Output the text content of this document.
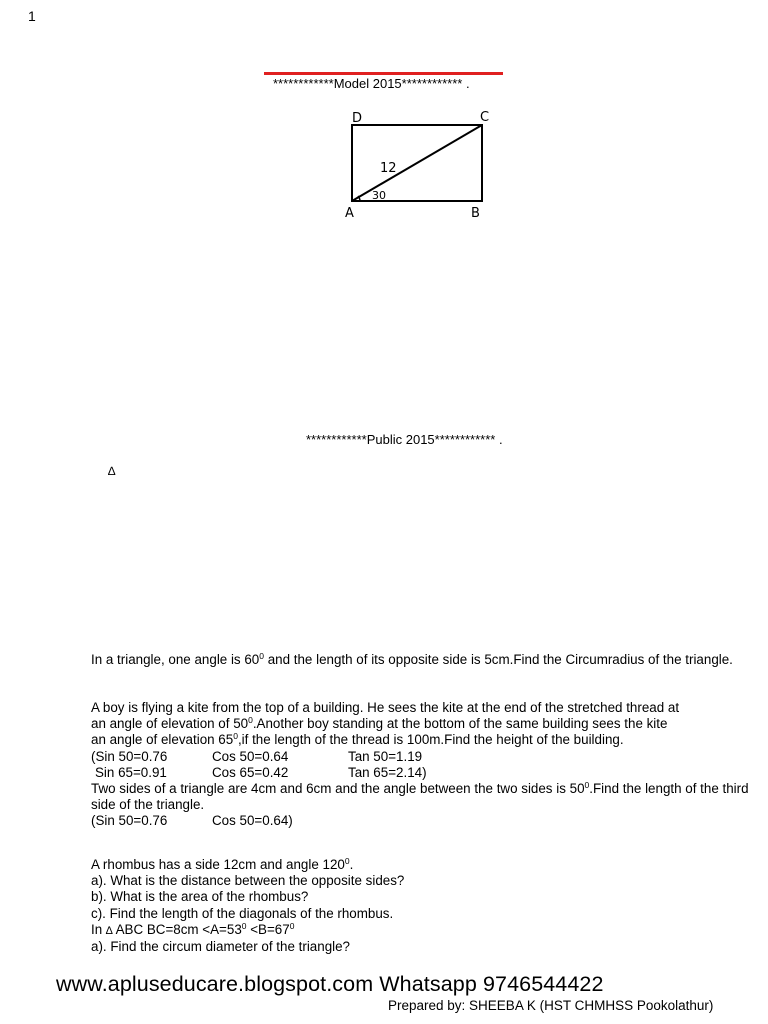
1
************Model 2015************ .
D	C
A	B
12
30
************Public 2015************ .
∆

In a triangle, one angle is $60^0$ and the length of its opposite side is 5cm.Find the Circumradius of the triangle.

A boy is flying a kite from the top of a building. He sees the kite at the end of the stretched thread at

an angle of elevation of $50^0.Another$ boy standing at the bottom of the same building sees the kite

an angle of elevation $65^0,if$ the length of the thread is 100m.Find the height of the building.

(Sin 50=0.76	Cos 50=0.64	Tan 50=1.19
Sin 65=0.91	Cos 65=0.42	Tan 65=2.14)

Two sides of a triangle are 4cm and 6cm and the angle between the two sides is $50^0.Find$ the length of the third side of the triangle.

(Sin 50=0.76	Cos 50=0.64)

A rhombus has a side 12cm and angle $120^0$.

a). What is the distance between the opposite sides?

b). What is the area of the rhombus?

c). Find the length of the diagonals of the rhombus.

In ∆ ABC $BC=8cm <A=53^0 <B=67^0$

a). Find the circum diameter of the triangle?

www.apluseducare.blogspot.com Whatsapp 9746544422
Prepared by: SHEEBA K (HST CHMHSS Pookolathur)
